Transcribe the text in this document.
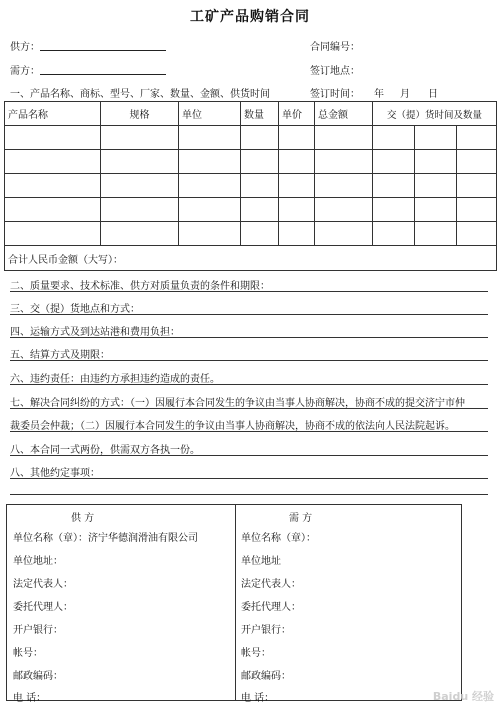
工矿产品购销合同
供方：	合同编号：
需方：	签订地点：
一、产品名称、商标、型号、厂家、数量、金额、供货时间	签订时间： 年 月 日
产品名称	规格	单位	数量	单价	总金额	交（提）货时间及数量		

合计人民币金额（大写）：								
二、质量要求、技术标准、供方对质量负责的条件和期限：
三、交（提）货地点和方式：
四、运输方式及到达站港和费用负担：
五、结算方式及期限：
六、违约责任：由违约方承担违约造成的责任。
七、解决合同纠纷的方式：（一）因履行本合同发生的争议由当事人协商解决，协商不成的提交济宁市仲
裁委员会仲裁；（二）因履行本合同发生的争议由当事人协商解决，协商不成的依法向人民法院起诉。
八、本合同一式两份，供需双方各执一份。
八、其他约定事项：
供 方
单位名称（章）：济宁华德润滑油有限公司
单位地址：
法定代表人：
委托代理人：
开户银行：
帐号：
邮政编码：
电 话：
需 方
单位名称（章）：
单位地址
法定代表人：
委托代理人：
开户银行：
帐号：
邮政编码：
电 话：	Baidu 经验
